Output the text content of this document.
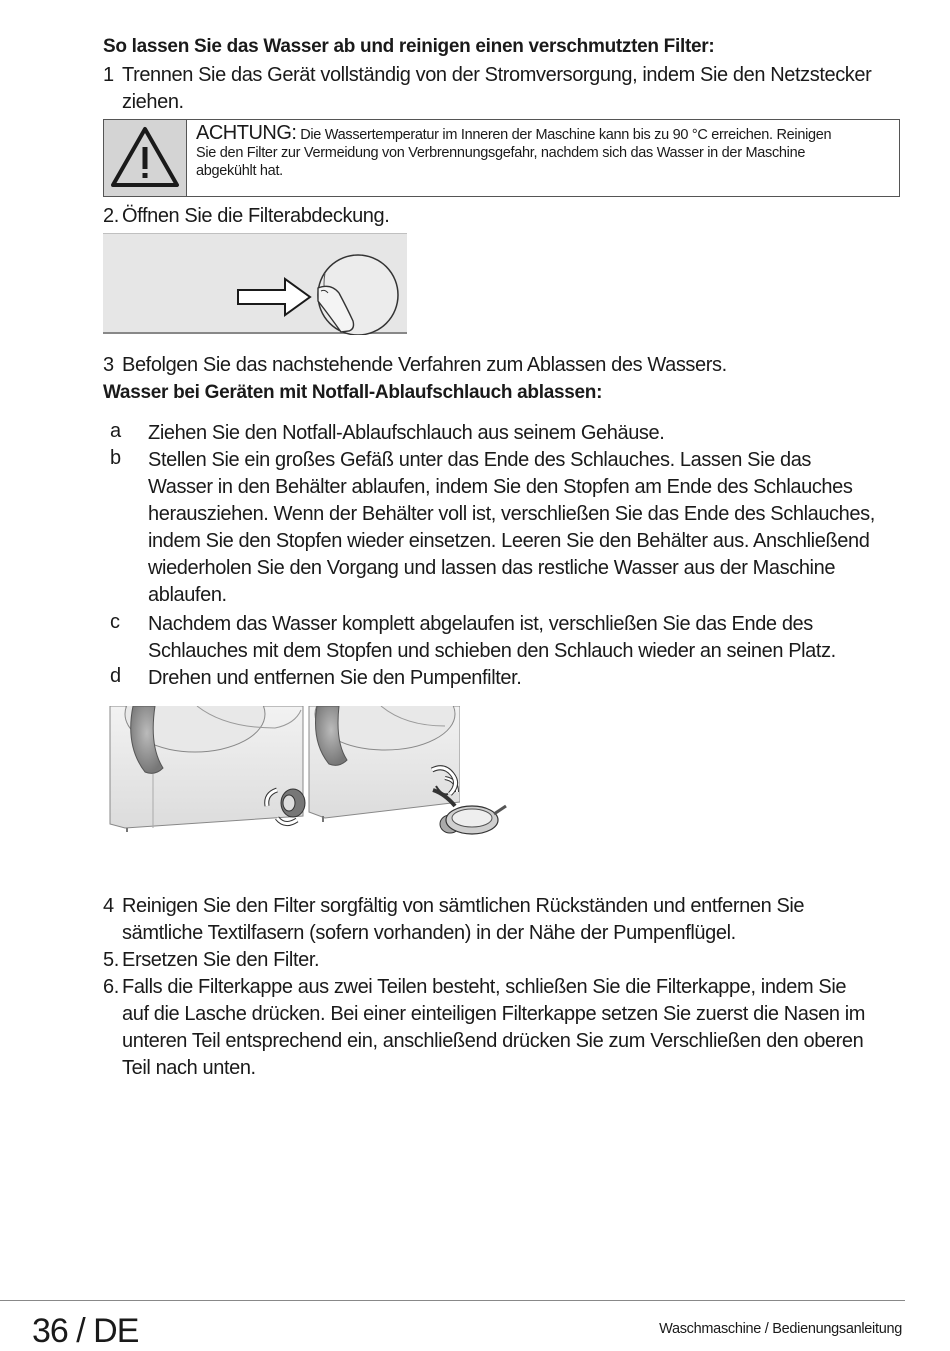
So lassen Sie das Wasser ab und reinigen einen verschmutzten Filter:
1 Trennen Sie das Gerät vollständig von der Stromversorgung, indem Sie den Netzstecker
ziehen.
ACHTUNG: Die Wassertemperatur im Inneren der Maschine kann bis zu 90 °C erreichen. Reinigen
Sie den Filter zur Vermeidung von Verbrennungsgefahr, nachdem sich das Wasser in der Maschine
abgekühlt hat.
2. Öffnen Sie die Filterabdeckung.
3 Befolgen Sie das nachstehende Verfahren zum Ablassen des Wassers.
Wasser bei Geräten mit Notfall-Ablaufschlauch ablassen:
a Ziehen Sie den Notfall-Ablaufschlauch aus seinem Gehäuse.
b Stellen Sie ein großes Gefäß unter das Ende des Schlauches. Lassen Sie das
Wasser in den Behälter ablaufen, indem Sie den Stopfen am Ende des Schlauches
herausziehen. Wenn der Behälter voll ist, verschließen Sie das Ende des Schlauches,
indem Sie den Stopfen wieder einsetzen. Leeren Sie den Behälter aus. Anschließend
wiederholen Sie den Vorgang und lassen das restliche Wasser aus der Maschine
ablaufen.
c Nachdem das Wasser komplett abgelaufen ist, verschließen Sie das Ende des
Schlauches mit dem Stopfen und schieben den Schlauch wieder an seinen Platz.
d Drehen und entfernen Sie den Pumpenfilter.
4 Reinigen Sie den Filter sorgfältig von sämtlichen Rückständen und entfernen Sie
sämtliche Textilfasern (sofern vorhanden) in der Nähe der Pumpenflügel.
5. Ersetzen Sie den Filter.
6. Falls die Filterkappe aus zwei Teilen besteht, schließen Sie die Filterkappe, indem Sie
auf die Lasche drücken. Bei einer einteiligen Filterkappe setzen Sie zuerst die Nasen im
unteren Teil entsprechend ein, anschließend drücken Sie zum Verschließen den oberen
Teil nach unten.
36 / DE	Waschmaschine / Bedienungsanleitung
